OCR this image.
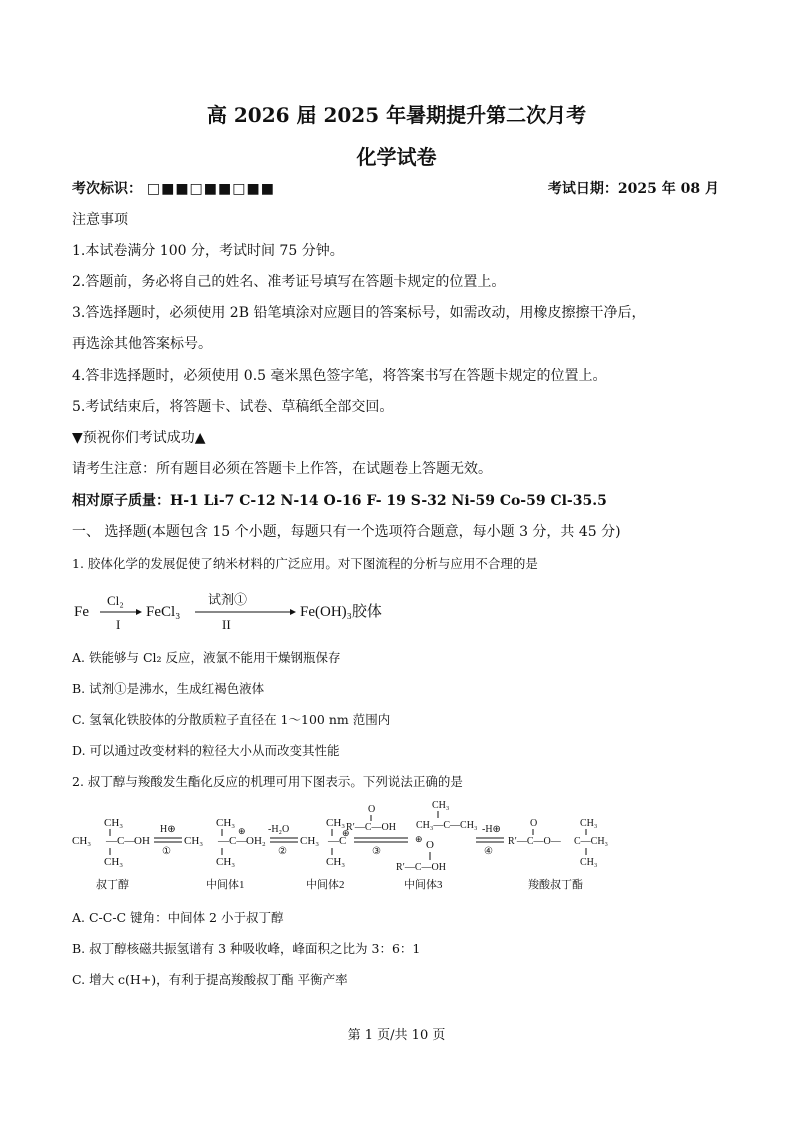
高 2026 届 2025 年暑期提升第二次月考
化学试卷
考次标识： □■■□■■□■■	考试日期：2025 年 08 月
注意事项
1.本试卷满分 100 分，考试时间 75 分钟。
2.答题前，务必将自己的姓名、准考证号填写在答题卡规定的位置上。
3.答选择题时，必须使用 2B 铅笔填涂对应题目的答案标号，如需改动，用橡皮擦擦干净后，
再选涂其他答案标号。
4.答非选择题时，必须使用 0.5 毫米黑色签字笔，将答案书写在答题卡规定的位置上。
5.考试结束后，将答题卡、试卷、草稿纸全部交回。
▼预祝你们考试成功▲
请考生注意：所有题目必须在答题卡上作答，在试题卷上答题无效。
相对原子质量：H-1 Li-7 C-12 N-14 O-16 F- 19 S-32 Ni-59 Co-59 Cl-35.5
一、 选择题(本题包含 15 个小题，每题只有一个选项符合题意，每小题 3 分，共 45 分)
1. 胶体化学的发展促使了纳米材料的广泛应用。对下图流程的分析与应用不合理的是
Fe
Cl₂
I
FeCl₃
试剂①
II
Fe(OH)₃胶体
A. 铁能够与 Cl₂ 反应，液氯不能用干燥钢瓶保存
B. 试剂①是沸水，生成红褐色液体
C. 氢氧化铁胶体的分散质粒子直径在 1～100 nm 范围内
D. 可以通过改变材料的粒径大小从而改变其性能
2. 叔丁醇与羧酸发生酯化反应的机理可用下图表示。下列说法正确的是
CH₃
CH₃ —C—
OH
CH₃
叔丁醇
H⊕
①
CH₃
CH₃ —C—
⊕
OH₂
CH₃
中间体1
-H₂O
②
CH₃
CH₃ —C
⊕
CH₃
中间体2
O
R′—C—OH
③
CH₃
CH₃—C—CH₃
⊕ O
R′—C—OH
中间体3
-H⊕
④
O
R′—C—O—
CH₃
C—CH₃
CH₃
羧酸叔丁酯
A. C-C-C 键角：中间体 2 小于叔丁醇
B. 叔丁醇核磁共振氢谱有 3 种吸收峰，峰面积之比为 3：6：1
C. 增大 c(H+)，有利于提高羧酸叔丁酯 平衡产率
第 1 页/共 10 页
